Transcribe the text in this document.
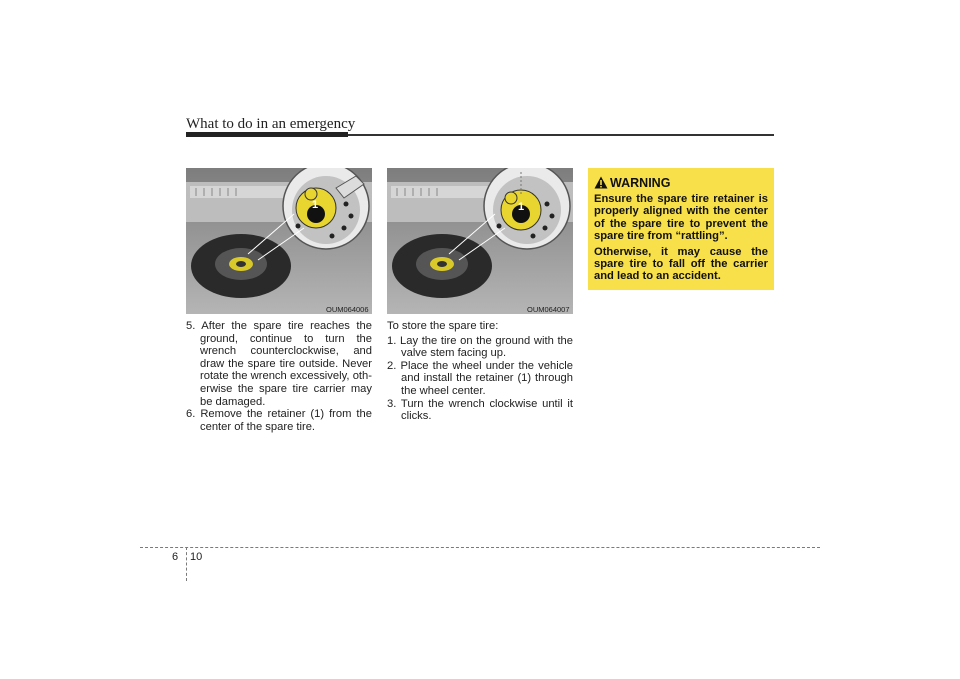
What to do in an emergency
1
OUM064006
1
OUM064007

5. After the spare tire reaches the ground, continue to turn the wrench counterclockwise, and draw the spare tire outside. Never rotate the wrench excessively, oth-erwise the spare tire carrier may be damaged.

6. Remove the retainer (1) from the center of the spare tire.

To store the spare tire:

1. Lay the tire on the ground with the valve stem facing up.

2. Place the wheel under the vehicle and install the retainer (1) through the wheel center.

3. Turn the wrench clockwise until it clicks.

WARNING

Ensure the spare tire retainer is properly aligned with the center of the spare tire to prevent the spare tire from “rattling”.

Otherwise, it may cause the spare tire to fall off the carrier and lead to an accident.

6 10
